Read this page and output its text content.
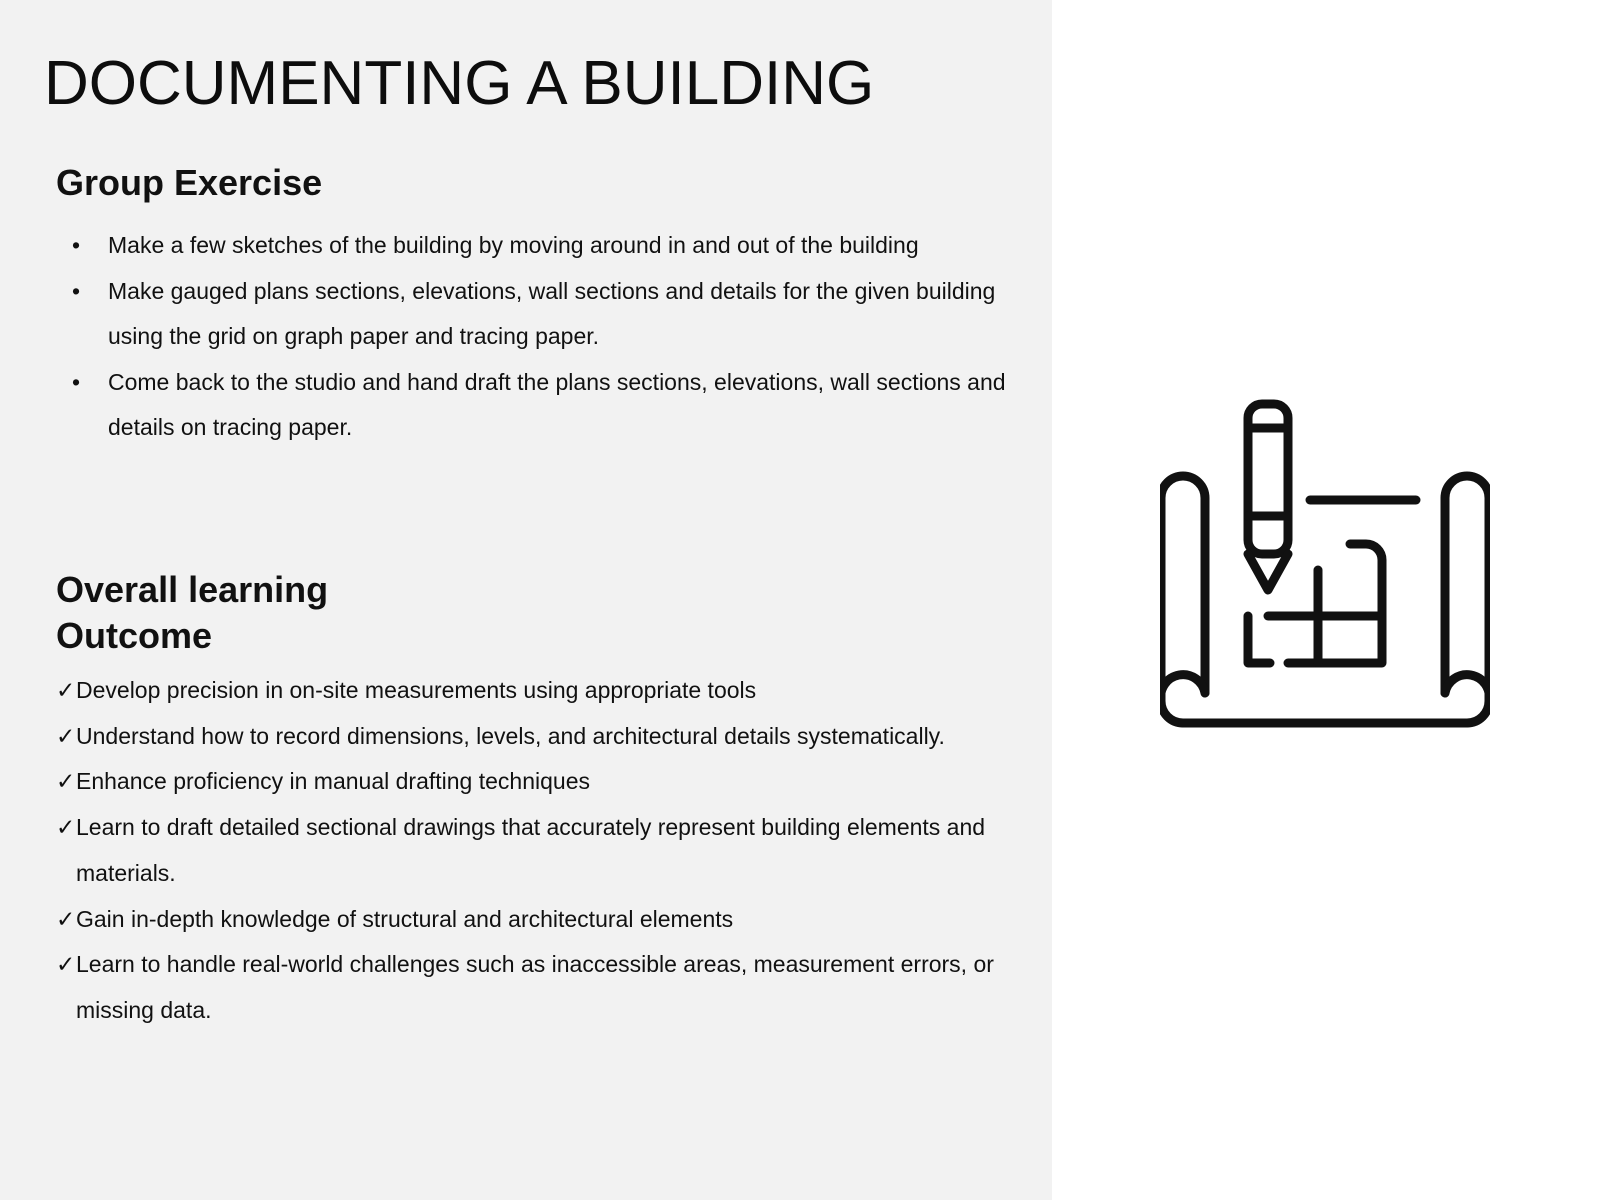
DOCUMENTING A BUILDING
Group Exercise
• Make a few sketches of the building by moving around in and out of the building
• Make gauged plans sections, elevations, wall sections and details for the given building using the grid on graph paper and tracing paper.
• Come back to the studio and hand draft the plans sections, elevations, wall sections and details on tracing paper.
Overall learning Outcome
✓ Develop precision in on-site measurements using appropriate tools
✓ Understand how to record dimensions, levels, and architectural details systematically.
✓ Enhance proficiency in manual drafting techniques
✓ Learn to draft detailed sectional drawings that accurately represent building elements and materials.
✓ Gain in-depth knowledge of structural and architectural elements
✓ Learn to handle real-world challenges such as inaccessible areas, measurement errors, or missing data.
